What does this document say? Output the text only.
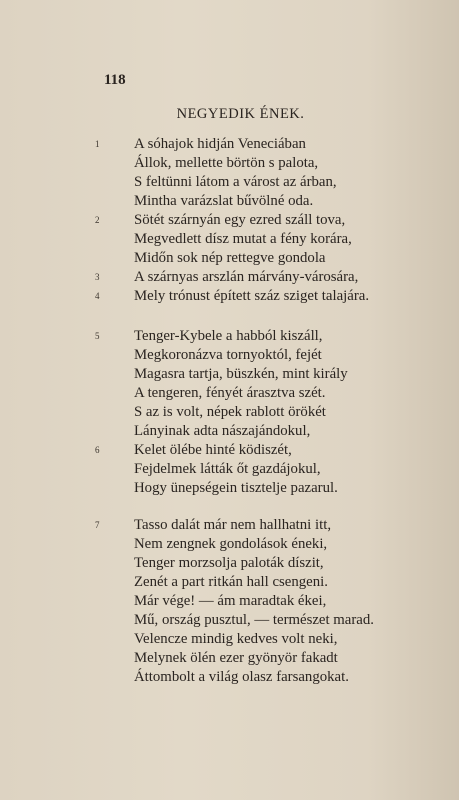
118
NEGYEDIK ÉNEK.
1 A sóhajok hidján Veneciában
Állok, mellette börtön s palota,
S feltünni látom a várost az árban,
Mintha varázslat bűvölné oda.
2 Sötét szárnyán egy ezred száll tova,
Megvedlett dísz mutat a fény korára,
Midőn sok nép rettegve gondola
3 A szárnyas arszlán márvány-városára,
4 Mely trónust épített száz sziget talajára.
5 Tenger-Kybele a habból kiszáll,
Megkoronázva tornyoktól, fejét
Magasra tartja, büszkén, mint király
A tengeren, fényét árasztva szét.
S az is volt, népek rablott örökét
Lányinak adta nászajándokul,
6 Kelet ölébe hinté ködiszét,
Fejdelmek látták őt gazdájokul,
Hogy ünepségein tisztelje pazarul.
7 Tasso dalát már nem hallhatni itt,
Nem zengnek gondolások éneki,
Tenger morzsolja paloták díszit,
Zenét a part ritkán hall csengeni.
Már vége! — ám maradtak ékei,
Mű, ország pusztul, — természet marad.
Velencze mindig kedves volt neki,
Melynek ölén ezer gyönyör fakadt
Áttombolt a világ olasz farsangokat.
